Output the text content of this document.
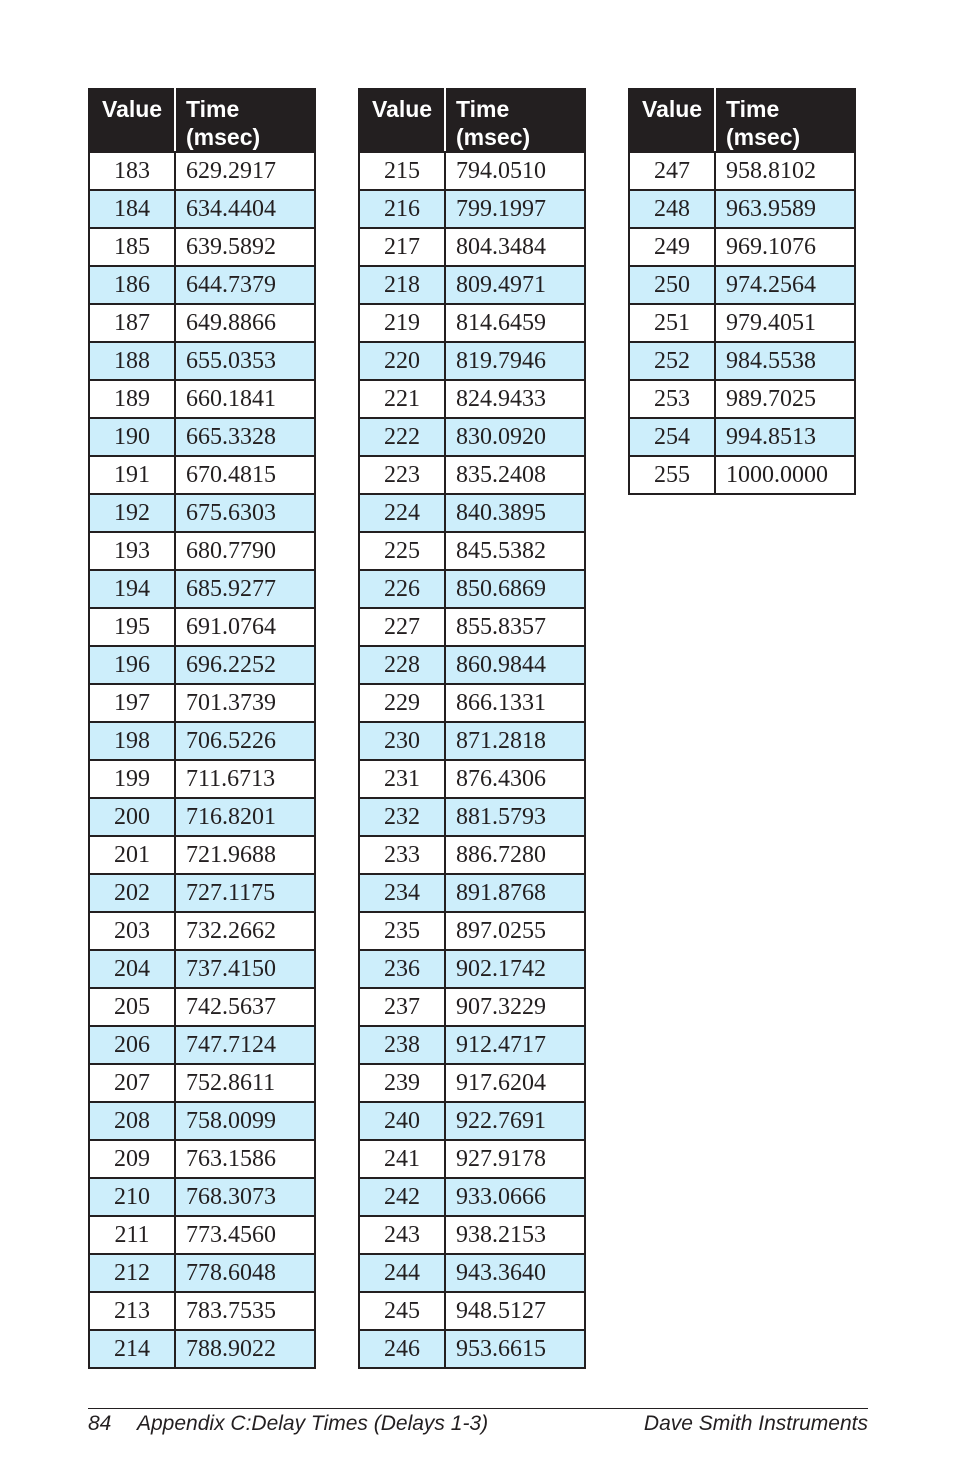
Value	Time
(msec)
183	629.2917
184	634.4404
185	639.5892
186	644.7379
187	649.8866
188	655.0353
189	660.1841
190	665.3328
191	670.4815
192	675.6303
193	680.7790
194	685.9277
195	691.0764
196	696.2252
197	701.3739
198	706.5226
199	711.6713
200	716.8201
201	721.9688
202	727.1175
203	732.2662
204	737.4150
205	742.5637
206	747.7124
207	752.8611
208	758.0099
209	763.1586
210	768.3073
211	773.4560
212	778.6048
213	783.7535
214	788.9022
Value	Time
(msec)
215	794.0510
216	799.1997
217	804.3484
218	809.4971
219	814.6459
220	819.7946
221	824.9433
222	830.0920
223	835.2408
224	840.3895
225	845.5382
226	850.6869
227	855.8357
228	860.9844
229	866.1331
230	871.2818
231	876.4306
232	881.5793
233	886.7280
234	891.8768
235	897.0255
236	902.1742
237	907.3229
238	912.4717
239	917.6204
240	922.7691
241	927.9178
242	933.0666
243	938.2153
244	943.3640
245	948.5127
246	953.6615
Value	Time
(msec)
247	958.8102
248	963.9589
249	969.1076
250	974.2564
251	979.4051
252	984.5538
253	989.7025
254	994.8513
255	1000.0000
84 Appendix C:Delay Times (Delays 1-3)	Dave Smith Instruments
